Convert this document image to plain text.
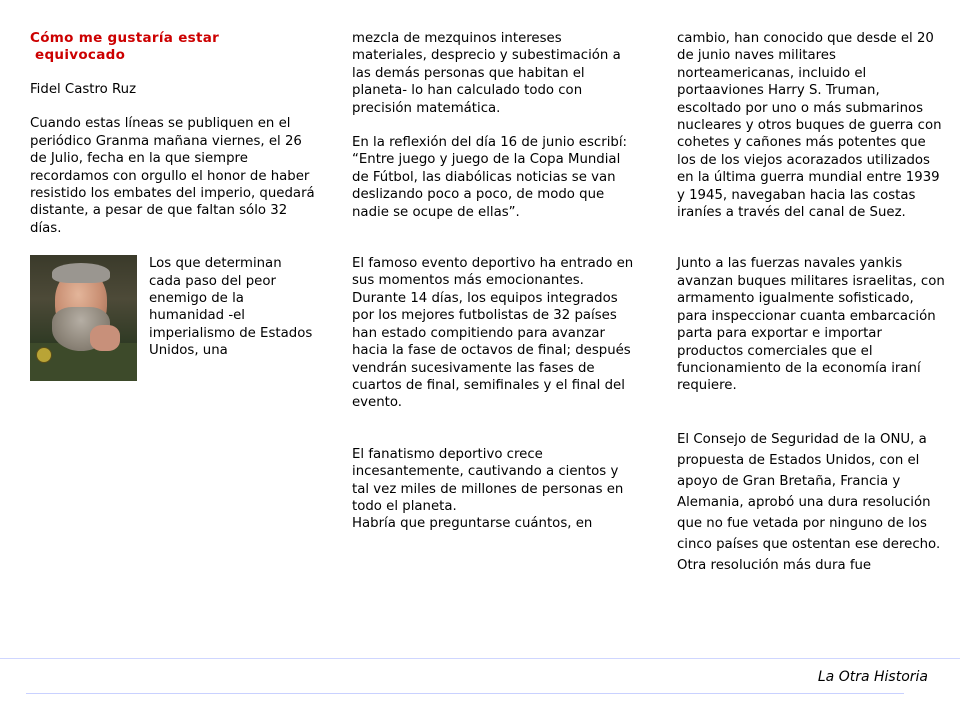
Cómo me gustaría estar
equivocado

Fidel Castro Ruz

Cuando estas líneas se publiquen en el periódico Granma mañana viernes, el 26 de Julio, fecha en la que siempre recordamos con orgullo el honor de haber resistido los embates del imperio, quedará distante, a pesar de que faltan sólo 32 días.

Los que determinan cada paso del peor enemigo de la humanidad -el imperialismo de Estados Unidos, una

mezcla de mezquinos intereses materiales, desprecio y subestimación a las demás personas que habitan el planeta- lo han calculado todo con precisión matemática.

En la reflexión del día 16 de junio escribí: “Entre juego y juego de la Copa Mundial de Fútbol, las diabólicas noticias se van deslizando poco a poco, de modo que nadie se ocupe de ellas”.

El famoso evento deportivo ha entrado en sus momentos más emocionantes. Durante 14 días, los equipos integrados por los mejores futbolistas de 32 países han estado compitiendo para avanzar hacia la fase de octavos de final; después vendrán sucesivamente las fases de cuartos de final, semifinales y el final del evento.

El fanatismo deportivo crece incesantemente, cautivando a cientos y tal vez miles de millones de personas en todo el planeta.

Habría que preguntarse cuántos, en

cambio, han conocido que desde el 20 de junio naves militares norteamericanas, incluido el portaaviones Harry S. Truman, escoltado por uno o más submarinos nucleares y otros buques de guerra con cohetes y cañones más potentes que los de los viejos acorazados utilizados en la última guerra mundial entre 1939 y 1945, navegaban hacia las costas iraníes a través del canal de Suez.

Junto a las fuerzas navales yankis avanzan buques militares israelitas, con armamento igualmente sofisticado, para inspeccionar cuanta embarcación parta para exportar e importar productos comerciales que el funcionamiento de la economía iraní requiere.

El Consejo de Seguridad de la ONU, a propuesta de Estados Unidos, con el apoyo de Gran Bretaña, Francia y Alemania, aprobó una dura resolución que no fue vetada por ninguno de los cinco países que ostentan ese derecho.

Otra resolución más dura fue

La Otra Historia
